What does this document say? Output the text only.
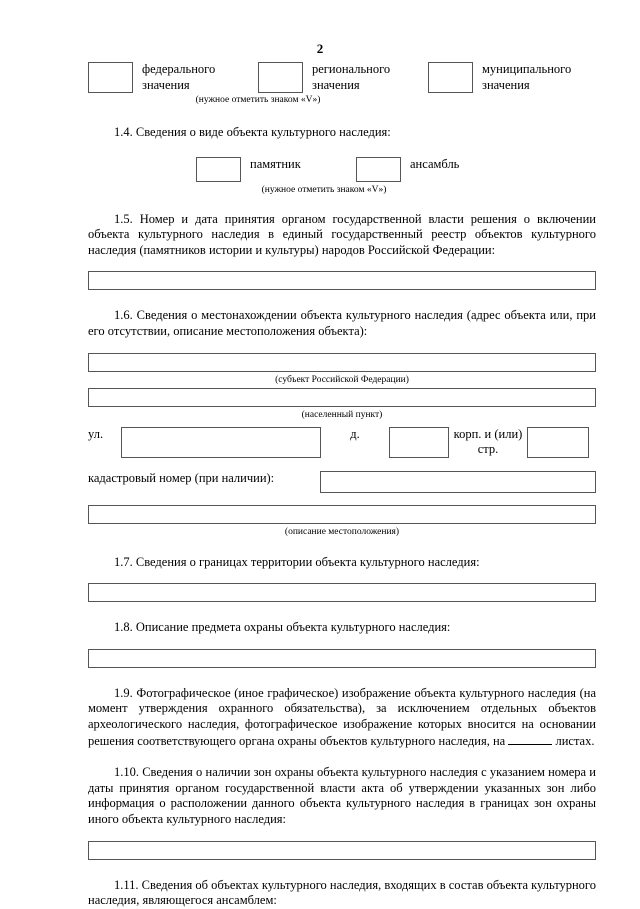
2
федерального
значения
регионального
значения
муниципального
значения
(нужное отметить знаком «V»)

1.4. Сведения о виде объекта культурного наследия:

памятник	ансамбль
(нужное отметить знаком «V»)

1.5. Номер и дата принятия органом государственной власти решения о включении объекта культурного наследия в единый государственный реестр объектов культурного наследия (памятников истории и культуры) народов Российской Федерации:

1.6. Сведения о местонахождении объекта культурного наследия (адрес объекта или, при его отсутствии, описание местоположения объекта):

(субъект Российской Федерации)
(населенный пункт)
ул.	д.	корп. и (или) стр.
кадастровый номер (при наличии):
(описание местоположения)

1.7. Сведения о границах территории объекта культурного наследия:

1.8. Описание предмета охраны объекта культурного наследия:

1.9. Фотографическое (иное графическое) изображение объекта культурного наследия (на момент утверждения охранного обязательства), за исключением отдельных объектов археологического наследия, фотографическое изображение которых вносится на основании решения соответствующего органа охраны объектов культурного наследия, на	листах.

1.10. Сведения о наличии зон охраны объекта культурного наследия с указанием номера и даты принятия органом государственной власти акта об утверждении указанных зон либо информация о расположении данного объекта культурного наследия в границах зон охраны иного объекта культурного наследия:

1.11. Сведения об объектах культурного наследия, входящих в состав объекта культурного наследия, являющегося ансамблем:
